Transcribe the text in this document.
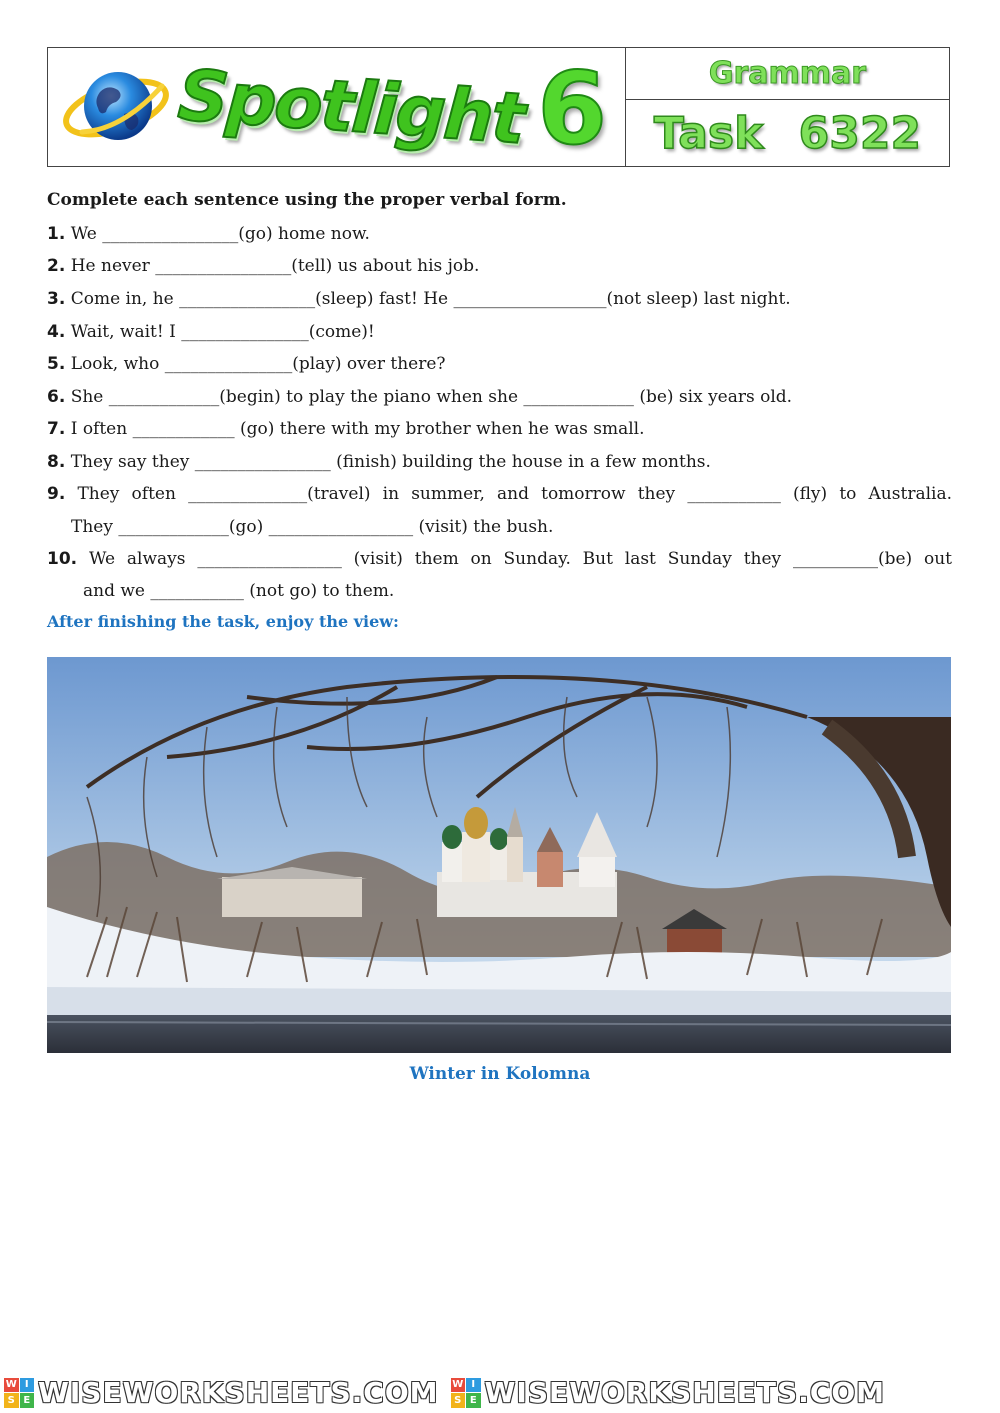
Spotlight 6	Grammar
Task 6322
Complete each sentence using the proper verbal form.
1. We ________________(go) home now.
2. He never ________________(tell) us about his job.
3. Come in, he ________________(sleep) fast! He __________________(not sleep) last night.
4. Wait, wait! I _______________(come)!
5. Look, who _______________(play) over there?
6. She _____________(begin) to play the piano when she _____________ (be) six years old.
7. I often ____________ (go) there with my brother when he was small.
8. They say they ________________ (finish) building the house in a few months.
9. They often ______________(travel) in summer, and tomorrow they ___________ (fly) to Australia.
They _____________(go) _________________ (visit) the bush.
10. We always _________________ (visit) them on Sunday. But last Sunday they __________(be) out
and we ___________ (not go) to them.
After finishing the task, enjoy the view:
Winter in Kolomna
W I
S E WISEWORKSHEETS.COM W I
S E WISEWORKSHEETS.COM
